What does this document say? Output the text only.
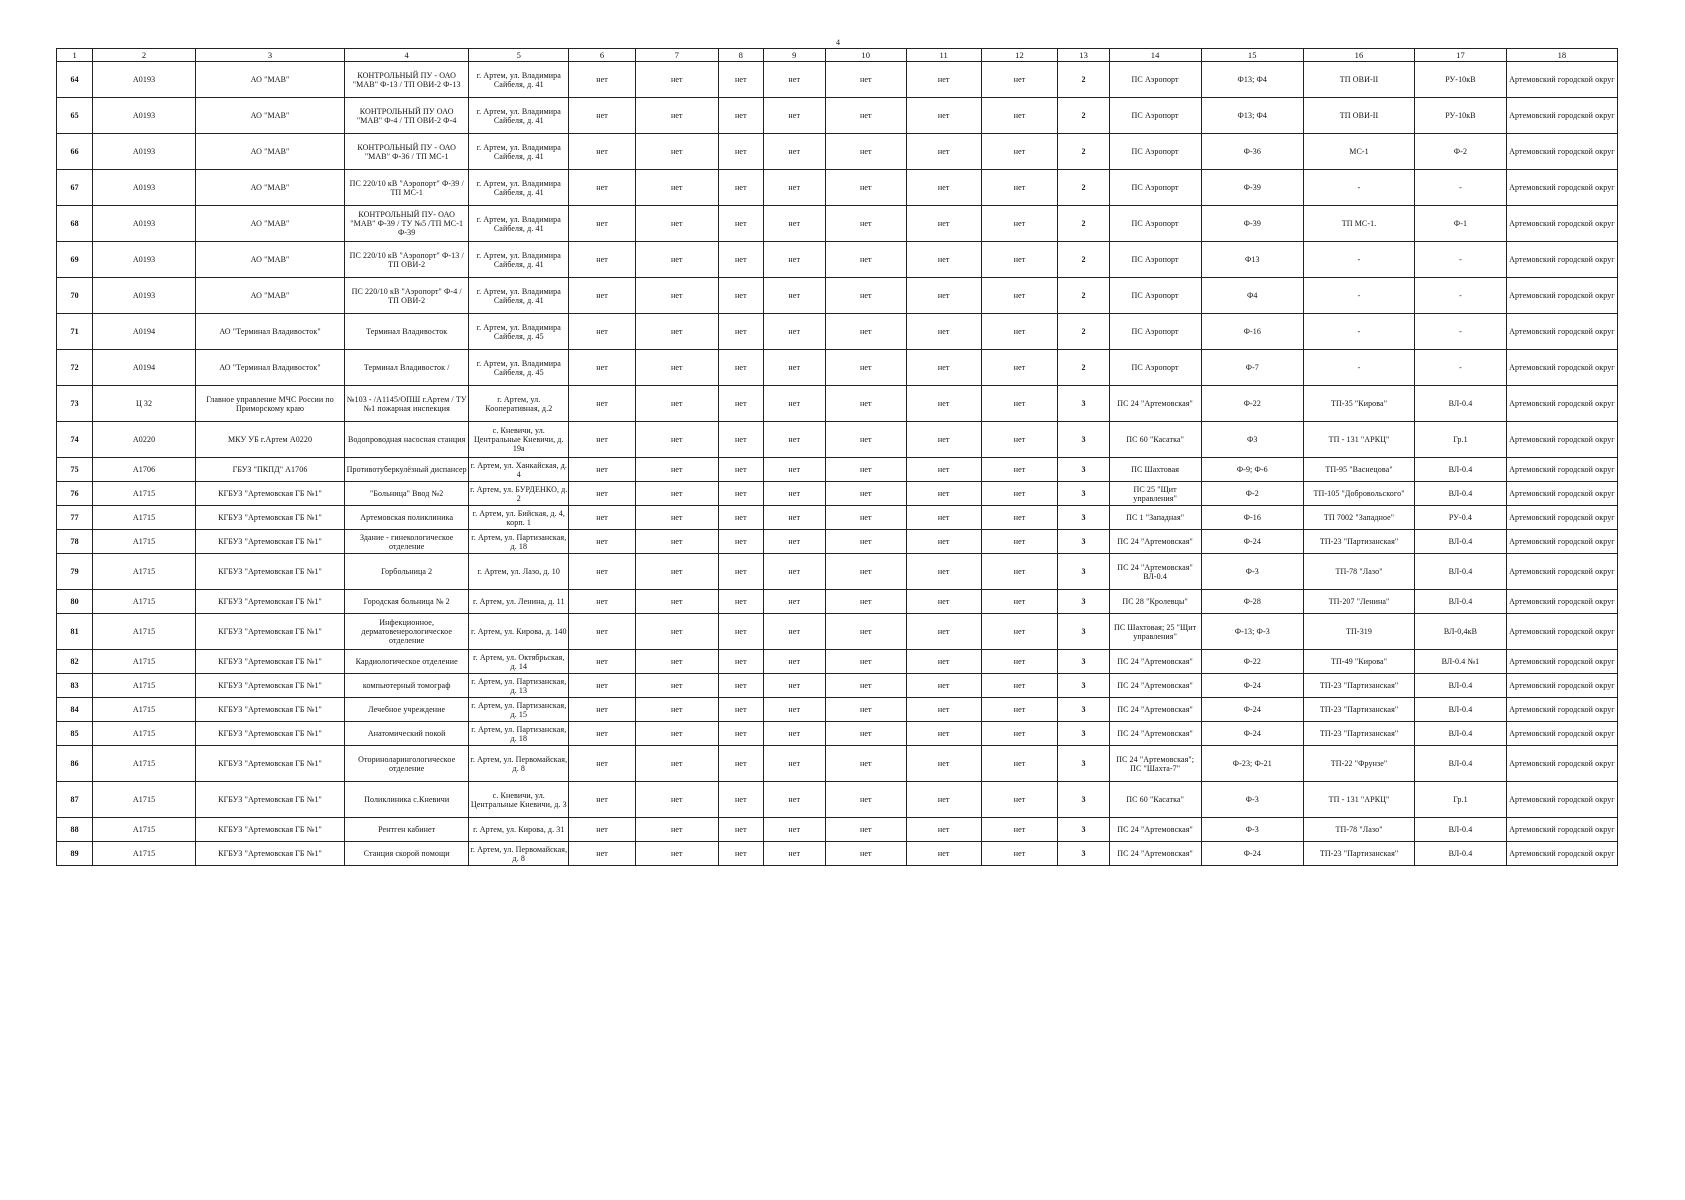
4
1	2	3	4	5	6	7	8	9	10	11	12	13	14	15	16	17	18
64	А0193	АО "МАВ"	КОНТРОЛЬНЫЙ ПУ - ОАО "МАВ" Ф-13 / ТП ОВИ-2 Ф-13	г. Артем, ул. Владимира Сайбеля, д. 41	нет	нет	нет	нет	нет	нет	нет	2	ПС Аэропорт	Ф13; Ф4	ТП ОВИ-II	РУ-10кВ	Артемовский городской округ
65	А0193	АО "МАВ"	КОНТРОЛЬНЫЙ ПУ ОАО "МАВ" Ф-4 / ТП ОВИ-2 Ф-4	г. Артем, ул. Владимира Сайбеля, д. 41	нет	нет	нет	нет	нет	нет	нет	2	ПС Аэропорт	Ф13; Ф4	ТП ОВИ-II	РУ-10кВ	Артемовский городской округ
66	А0193	АО "МАВ"	КОНТРОЛЬНЫЙ ПУ - ОАО "МАВ" Ф-36 / ТП МС-1	г. Артем, ул. Владимира Сайбеля, д. 41	нет	нет	нет	нет	нет	нет	нет	2	ПС Аэропорт	Ф-36	МС-1	Ф-2	Артемовский городской округ
67	А0193	АО "МАВ"	ПС 220/10 кВ "Аэропорт" Ф-39 / ТП МС-1	г. Артем, ул. Владимира Сайбеля, д. 41	нет	нет	нет	нет	нет	нет	нет	2	ПС Аэропорт	Ф-39	-	-	Артемовский городской округ
68	А0193	АО "МАВ"	КОНТРОЛЬНЫЙ ПУ- ОАО "МАВ" Ф-39 / ТУ №5 /ТП МС-1 Ф-39	г. Артем, ул. Владимира Сайбеля, д. 41	нет	нет	нет	нет	нет	нет	нет	2	ПС Аэропорт	Ф-39	ТП МС-1.	Ф-1	Артемовский городской округ
69	А0193	АО "МАВ"	ПС 220/10 кВ "Аэропорт" Ф-13 / ТП ОВИ-2	г. Артем, ул. Владимира Сайбеля, д. 41	нет	нет	нет	нет	нет	нет	нет	2	ПС Аэропорт	Ф13	-	-	Артемовский городской округ
70	А0193	АО "МАВ"	ПС 220/10 кВ "Аэропорт" Ф-4 / ТП ОВИ-2	г. Артем, ул. Владимира Сайбеля, д. 41	нет	нет	нет	нет	нет	нет	нет	2	ПС Аэропорт	Ф4	-	-	Артемовский городской округ
71	А0194	АО "Терминал Владивосток"	Терминал Владивосток	г. Артем, ул. Владимира Сайбеля, д. 45	нет	нет	нет	нет	нет	нет	нет	2	ПС Аэропорт	Ф-16	-	-	Артемовский городской округ
72	А0194	АО "Терминал Владивосток"	Терминал Владивосток /	г. Артем, ул. Владимира Сайбеля, д. 45	нет	нет	нет	нет	нет	нет	нет	2	ПС Аэропорт	Ф-7	-	-	Артемовский городской округ
73	Ц 32	Главное управление МЧС России по Приморскому краю	№103 - /А1145/ОПШ г.Артем / ТУ №1 пожарная инспекция	г. Артем, ул. Кооперативная, д.2	нет	нет	нет	нет	нет	нет	нет	3	ПС 24 "Артемовская"	Ф-22	ТП-35 "Кирова"	ВЛ-0.4	Артемовский городской округ
74	А0220	МКУ УБ г.Артем А0220	Водопроводная насосная станция	с. Кневичи, ул. Центральные Кневичи, д. 19а	нет	нет	нет	нет	нет	нет	нет	3	ПС 60 "Касатка"	Ф3	ТП - 131 "АРКЦ"	Гр.1	Артемовский городской округ
75	А1706	ГБУЗ "ПКПД" А1706	Противотуберкулёзный диспансер	г. Артем, ул. Ханкайская, д. 4	нет	нет	нет	нет	нет	нет	нет	3	ПС Шахтовая	Ф-9; Ф-6	ТП-95 "Васнецова"	ВЛ-0.4	Артемовский городской округ
76	А1715	КГБУЗ "Артемовская ГБ №1"	"Больница" Ввод №2	г. Артем, ул. БУРДЕНКО, д. 2	нет	нет	нет	нет	нет	нет	нет	3	ПС 25 "Щит управления"	Ф-2	ТП-105 "Добровольского"	ВЛ-0.4	Артемовский городской округ
77	А1715	КГБУЗ "Артемовская ГБ №1"	Артемовская поликлиника	г. Артем, ул. Бийская, д. 4, корп. 1	нет	нет	нет	нет	нет	нет	нет	3	ПС 1 "Западная"	Ф-16	ТП 7002 "Западное"	РУ-0.4	Артемовский городской округ
78	А1715	КГБУЗ "Артемовская ГБ №1"	Здание - гинекологическое отделение	г. Артем, ул. Партизанская, д. 18	нет	нет	нет	нет	нет	нет	нет	3	ПС 24 "Артемовская"	Ф-24	ТП-23 "Партизанская"	ВЛ-0.4	Артемовский городской округ
79	А1715	КГБУЗ "Артемовская ГБ №1"	Горбольница 2	г. Артем, ул. Лазо, д. 10	нет	нет	нет	нет	нет	нет	нет	3	ПС 24 "Артемовская" ВЛ-0.4	Ф-3	ТП-78 "Лазо"	ВЛ-0.4	Артемовский городской округ
80	А1715	КГБУЗ "Артемовская ГБ №1"	Городская больница № 2	г. Артем, ул. Ленина, д. 11	нет	нет	нет	нет	нет	нет	нет	3	ПС 28 "Кролевцы"	Ф-28	ТП-207 "Ленина"	ВЛ-0.4	Артемовский городской округ
81	А1715	КГБУЗ "Артемовская ГБ №1"	Инфекционное, дерматовенерологическое отделение	г. Артем, ул. Кирова, д. 140	нет	нет	нет	нет	нет	нет	нет	3	ПС Шахтовая; 25 "Щит управления"	Ф-13; Ф-3	ТП-319	ВЛ-0,4кВ	Артемовский городской округ
82	А1715	КГБУЗ "Артемовская ГБ №1"	Кардиологическое отделение	г. Артем, ул. Октябрьская, д. 14	нет	нет	нет	нет	нет	нет	нет	3	ПС 24 "Артемовская"	Ф-22	ТП-49 "Кирова"	ВЛ-0.4 №1	Артемовский городской округ
83	А1715	КГБУЗ "Артемовская ГБ №1"	компьютерный томограф	г. Артем, ул. Партизанская, д. 13	нет	нет	нет	нет	нет	нет	нет	3	ПС 24 "Артемовская"	Ф-24	ТП-23 "Партизанская"	ВЛ-0.4	Артемовский городской округ
84	А1715	КГБУЗ "Артемовская ГБ №1"	Лечебное учреждение	г. Артем, ул. Партизанская, д. 15	нет	нет	нет	нет	нет	нет	нет	3	ПС 24 "Артемовская"	Ф-24	ТП-23 "Партизанская"	ВЛ-0.4	Артемовский городской округ
85	А1715	КГБУЗ "Артемовская ГБ №1"	Анатомический покой	г. Артем, ул. Партизанская, д. 18	нет	нет	нет	нет	нет	нет	нет	3	ПС 24 "Артемовская"	Ф-24	ТП-23 "Партизанская"	ВЛ-0.4	Артемовский городской округ
86	А1715	КГБУЗ "Артемовская ГБ №1"	Оториноларингологическое отделение	г. Артем, ул. Первомайская, д. 8	нет	нет	нет	нет	нет	нет	нет	3	ПС 24 "Артемовская"; ПС "Шахта-7"	Ф-23; Ф-21	ТП-22 "Фрунзе"	ВЛ-0.4	Артемовский городской округ
87	А1715	КГБУЗ "Артемовская ГБ №1"	Поликлиника с.Кневичи	с. Кневичи, ул. Центральные Кневичи, д. 3	нет	нет	нет	нет	нет	нет	нет	3	ПС 60 "Касатка"	Ф-3	ТП - 131 "АРКЦ"	Гр.1	Артемовский городской округ
88	А1715	КГБУЗ "Артемовская ГБ №1"	Рентген кабинет	г. Артем, ул. Кирова, д. 31	нет	нет	нет	нет	нет	нет	нет	3	ПС 24 "Артемовская"	Ф-3	ТП-78 "Лазо"	ВЛ-0.4	Артемовский городской округ
89	А1715	КГБУЗ "Артемовская ГБ №1"	Станция скорой помощи	г. Артем, ул. Первомайская, д. 8	нет	нет	нет	нет	нет	нет	нет	3	ПС 24 "Артемовская"	Ф-24	ТП-23 "Партизанская"	ВЛ-0.4	Артемовский городской округ
